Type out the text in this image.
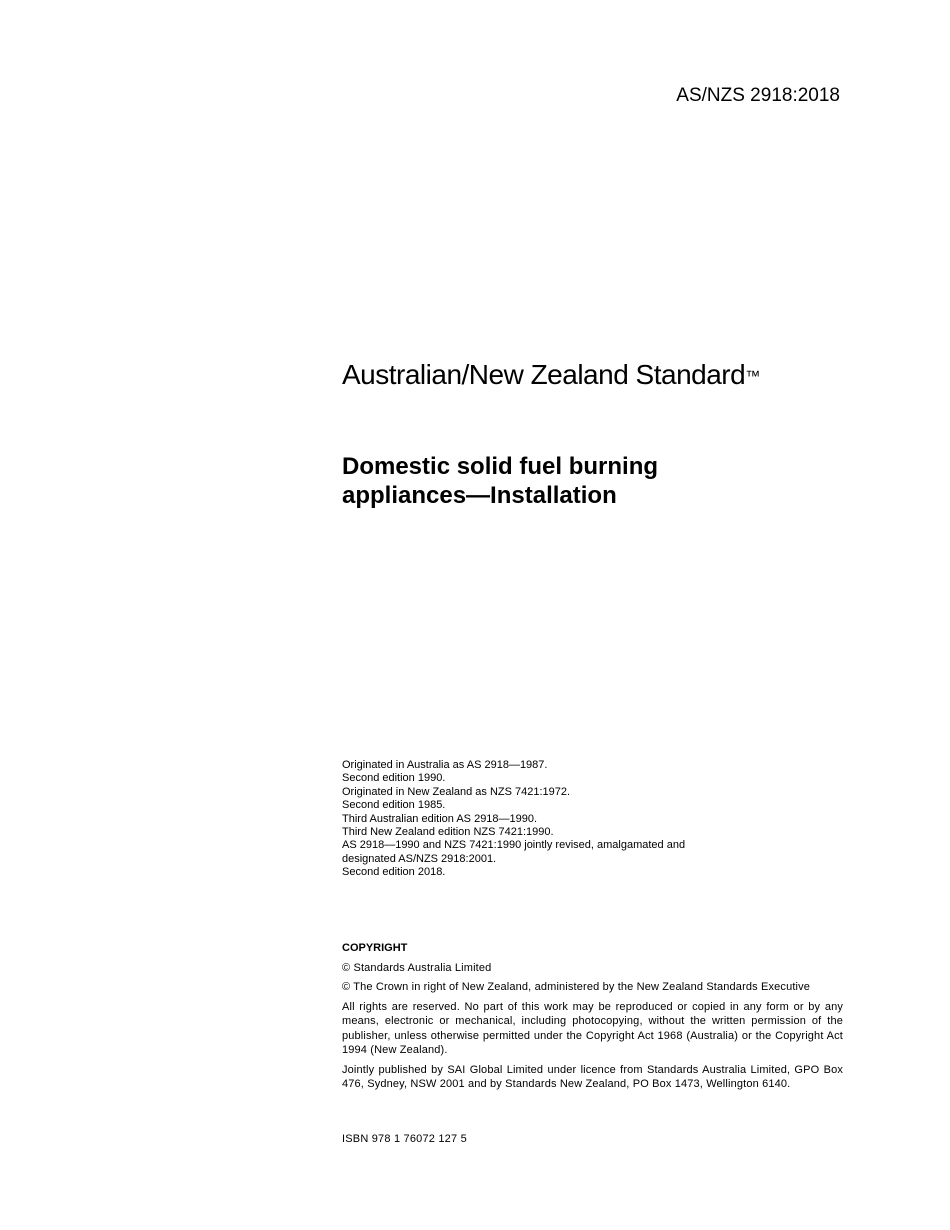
AS/NZS 2918:2018
Australian/New Zealand Standard™
Domestic solid fuel burning
appliances—Installation
Originated in Australia as AS 2918—1987.
Second edition 1990.
Originated in New Zealand as NZS 7421:1972.
Second edition 1985.
Third Australian edition AS 2918—1990.
Third New Zealand edition NZS 7421:1990.
AS 2918—1990 and NZS 7421:1990 jointly revised, amalgamated and
designated AS/NZS 2918:2001.
Second edition 2018.
COPYRIGHT
© Standards Australia Limited
© The Crown in right of New Zealand, administered by the New Zealand Standards Executive
All rights are reserved. No part of this work may be reproduced or copied in any form or by any means, electronic or mechanical, including photocopying, without the written permission of the publisher, unless otherwise permitted under the Copyright Act 1968 (Australia) or the Copyright Act 1994 (New Zealand).
Jointly published by SAI Global Limited under licence from Standards Australia Limited, GPO Box 476, Sydney, NSW 2001 and by Standards New Zealand, PO Box 1473, Wellington 6140.
ISBN 978 1 76072 127 5
